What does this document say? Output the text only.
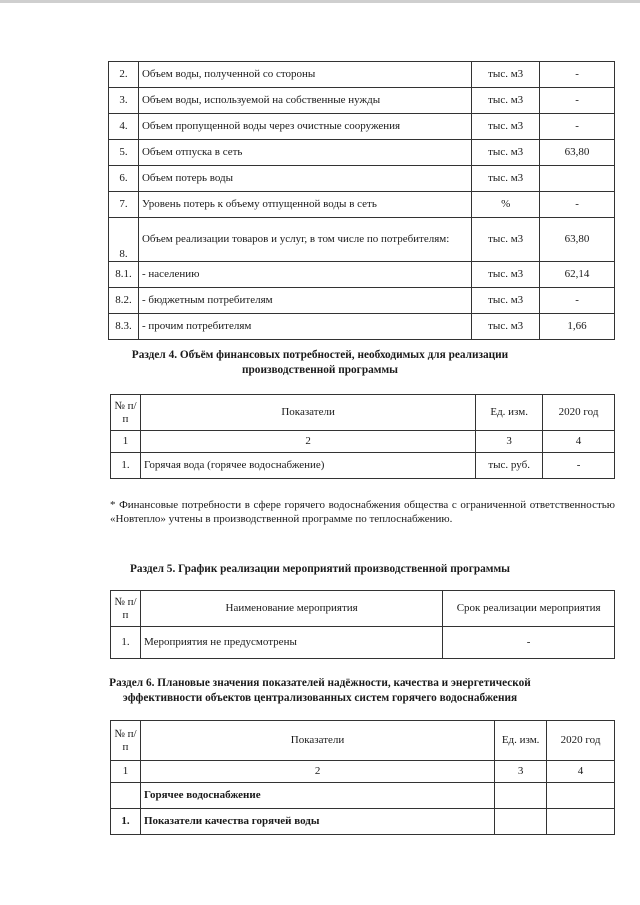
2.	Объем воды, полученной со стороны	тыс. м3	-
3.	Объем воды, используемой на собственные нужды	тыс. м3	-
4.	Объем пропущенной воды через очистные сооружения	тыс. м3	-
5.	Объем отпуска в сеть	тыс. м3	63,80
6.	Объем потерь воды	тыс. м3	
7.	Уровень потерь к объему отпущенной воды в сеть	%	-
8.	Объем реализации товаров и услуг, в том числе по потребителям:	тыс. м3	63,80
8.1.	- населению	тыс. м3	62,14
8.2.	- бюджетным потребителям	тыс. м3	-
8.3.	- прочим потребителям	тыс. м3	1,66
Раздел 4. Объём финансовых потребностей, необходимых для реализации производственной программы
№ п/п	Показатели	Ед. изм.	2020 год
1	2	3	4
1.	Горячая вода (горячее водоснабжение)	тыс. руб.	-
* Финансовые потребности в сфере горячего водоснабжения общества с ограниченной ответственностью «Новтепло» учтены в производственной программе по теплоснабжению.
Раздел 5. График реализации мероприятий производственной программы
№ п/п	Наименование мероприятия	Срок реализации мероприятия
1.	Мероприятия не предусмотрены	-
Раздел 6. Плановые значения показателей надёжности, качества и энергетической эффективности объектов централизованных систем горячего водоснабжения
№ п/п	Показатели	Ед. изм.	2020 год
1	2	3	4
	Горячее водоснабжение		
1.	Показатели качества горячей воды		
